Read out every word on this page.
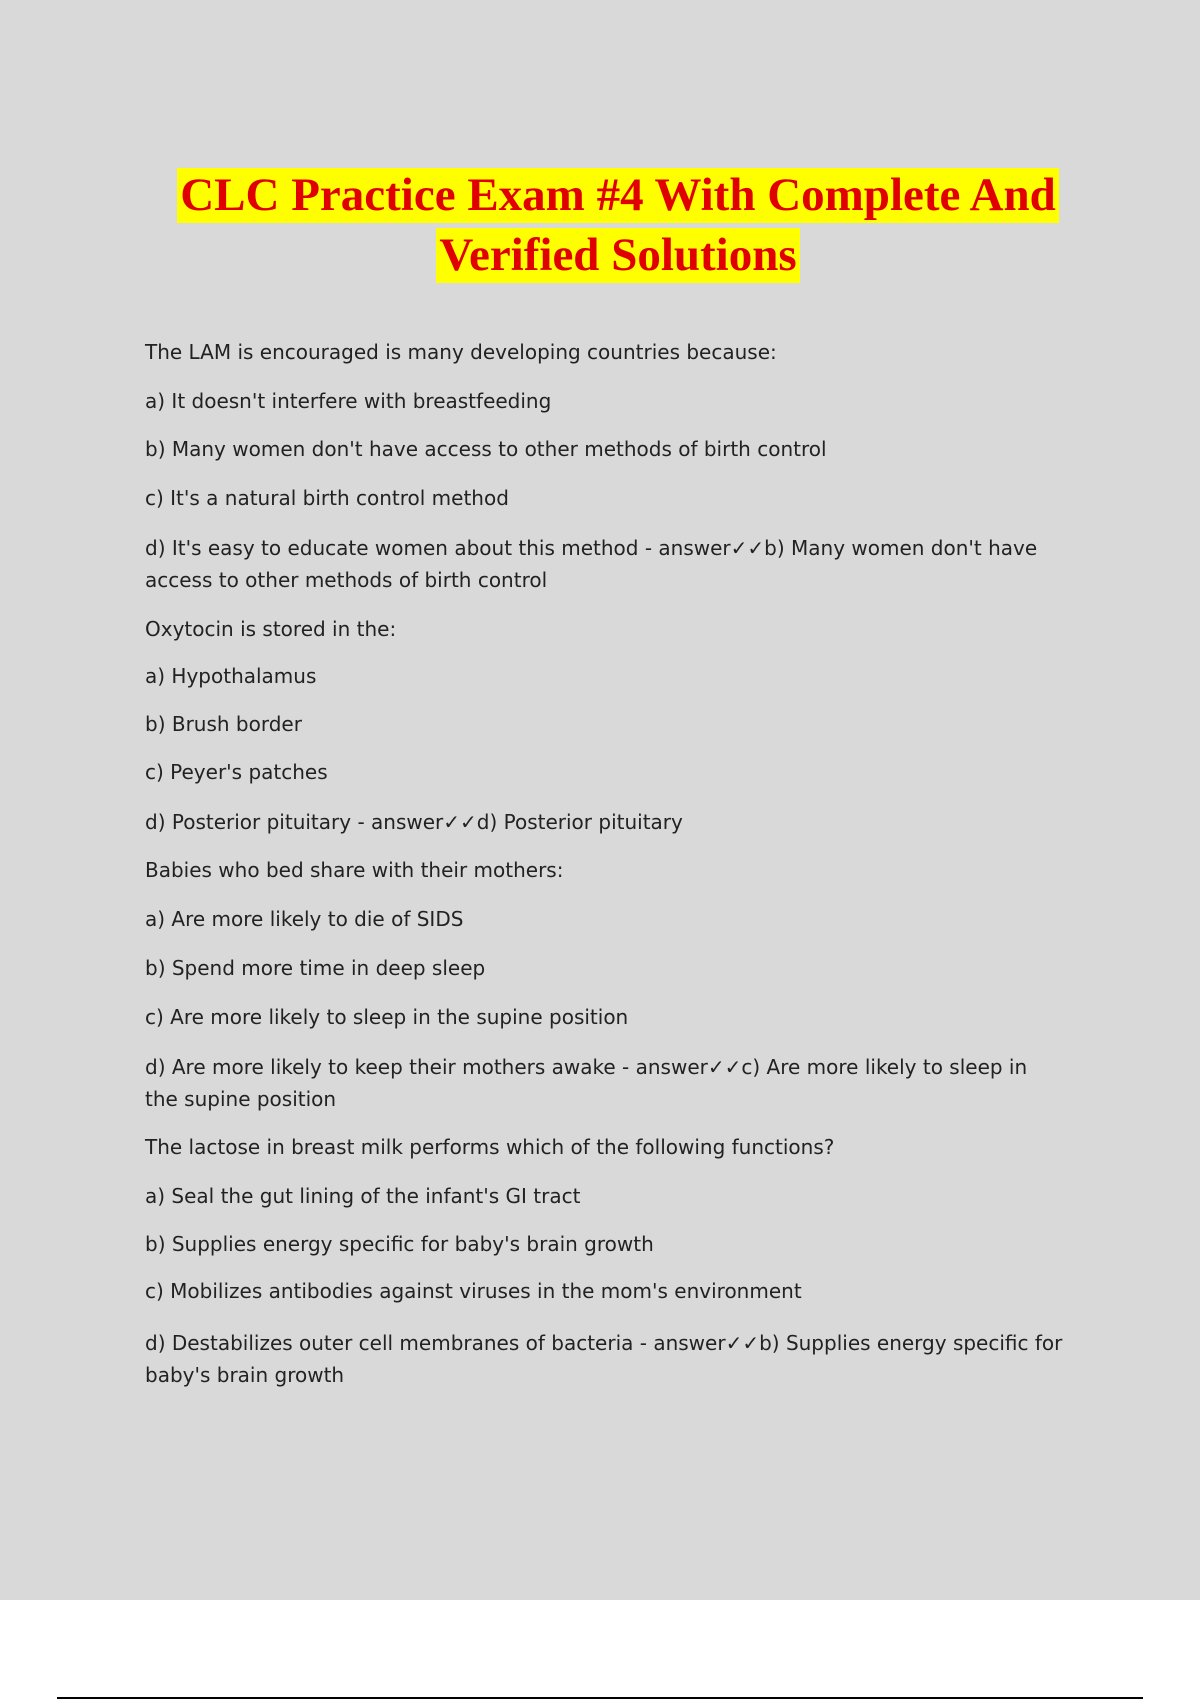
CLC Practice Exam #4 With Complete And
Verified Solutions
The LAM is encouraged is many developing countries because:
a) It doesn't interfere with breastfeeding
b) Many women don't have access to other methods of birth control
c) It's a natural birth control method
d) It's easy to educate women about this method - answer✓✓b) Many women don't have access to other methods of birth control
Oxytocin is stored in the:
a) Hypothalamus
b) Brush border
c) Peyer's patches
d) Posterior pituitary - answer✓✓d) Posterior pituitary
Babies who bed share with their mothers:
a) Are more likely to die of SIDS
b) Spend more time in deep sleep
c) Are more likely to sleep in the supine position
d) Are more likely to keep their mothers awake - answer✓✓c) Are more likely to sleep in the supine position
The lactose in breast milk performs which of the following functions?
a) Seal the gut lining of the infant's GI tract
b) Supplies energy specific for baby's brain growth
c) Mobilizes antibodies against viruses in the mom's environment
d) Destabilizes outer cell membranes of bacteria - answer✓✓b) Supplies energy specific for baby's brain growth
